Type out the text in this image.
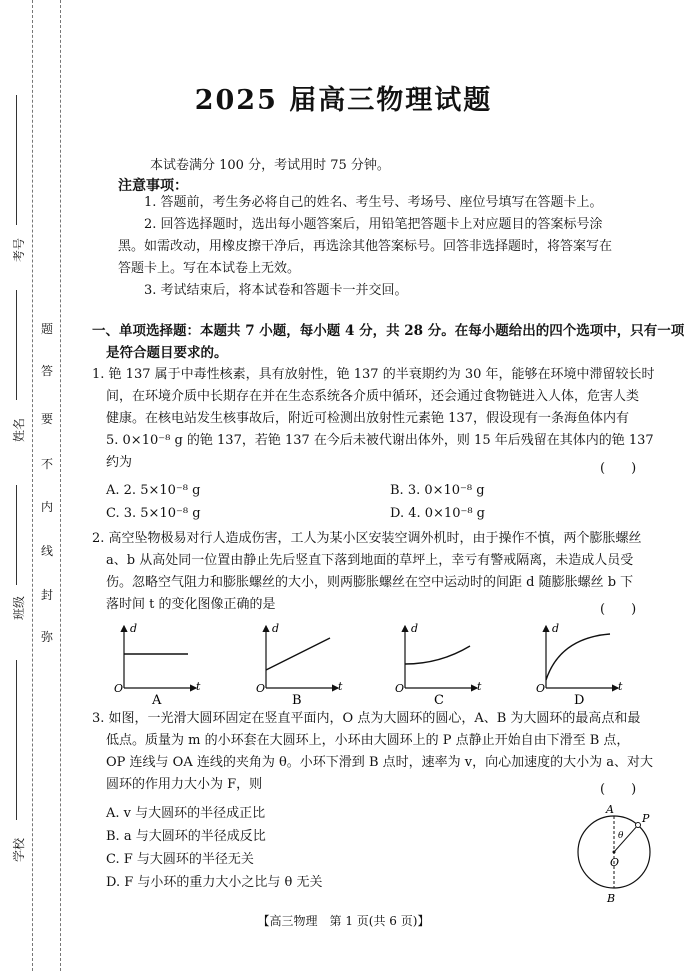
考号
姓名
班级
学校
题
答
要
不
内
线
封
弥
2025 届高三物理试题
本试卷满分 100 分，考试用时 75 分钟。
注意事项：
1. 答题前，考生务必将自己的姓名、考生号、考场号、座位号填写在答题卡上。
2. 回答选择题时，选出每小题答案后，用铅笔把答题卡上对应题目的答案标号涂
黑。如需改动，用橡皮擦干净后，再选涂其他答案标号。回答非选择题时，将答案写在
答题卡上。写在本试卷上无效。
3. 考试结束后，将本试卷和答题卡一并交回。
一、单项选择题：本题共 7 小题，每小题 4 分，共 28 分。在每小题给出的四个选项中，只有一项
是符合题目要求的。
1. 铯 137 属于中毒性核素，具有放射性，铯 137 的半衰期约为 30 年，能够在环境中滞留较长时
间，在环境介质中长期存在并在生态系统各介质中循环，还会通过食物链进入人体，危害人类
健康。在核电站发生核事故后，附近可检测出放射性元素铯 137，假设现有一条海鱼体内有
5. 0×10⁻⁸ g 的铯 137，若铯 137 在今后未被代谢出体外，则 15 年后残留在其体内的铯 137
约为	(　　)
A. 2. 5×10⁻⁸ g	B. 3. 0×10⁻⁸ g
C. 3. 5×10⁻⁸ g	D. 4. 0×10⁻⁸ g
2. 高空坠物极易对行人造成伤害，工人为某小区安装空调外机时，由于操作不慎，两个膨胀螺丝
a、b 从高处同一位置由静止先后竖直下落到地面的草坪上，幸亏有警戒隔离，未造成人员受
伤。忽略空气阻力和膨胀螺丝的大小，则两膨胀螺丝在空中运动时的间距 d 随膨胀螺丝 b 下
落时间 t 的变化图像正确的是	(　　)
d
t
O
A
d
t
O
B
d
t
O
C
d
t
O
D
3. 如图，一光滑大圆环固定在竖直平面内，O 点为大圆环的圆心，A、B 为大圆环的最高点和最
低点。质量为 m 的小环套在大圆环上，小环由大圆环上的 P 点静止开始自由下滑至 B 点，
OP 连线与 OA 连线的夹角为 θ。小环下滑到 B 点时，速率为 v，向心加速度的大小为 a、对大
圆环的作用力大小为 F，则	(　　)
A. v 与大圆环的半径成正比
B. a 与大圆环的半径成反比
C. F 与大圆环的半径无关
D. F 与小环的重力大小之比与 θ 无关
A
B
O
P
θ
【高三物理　第 1 页(共 6 页)】
